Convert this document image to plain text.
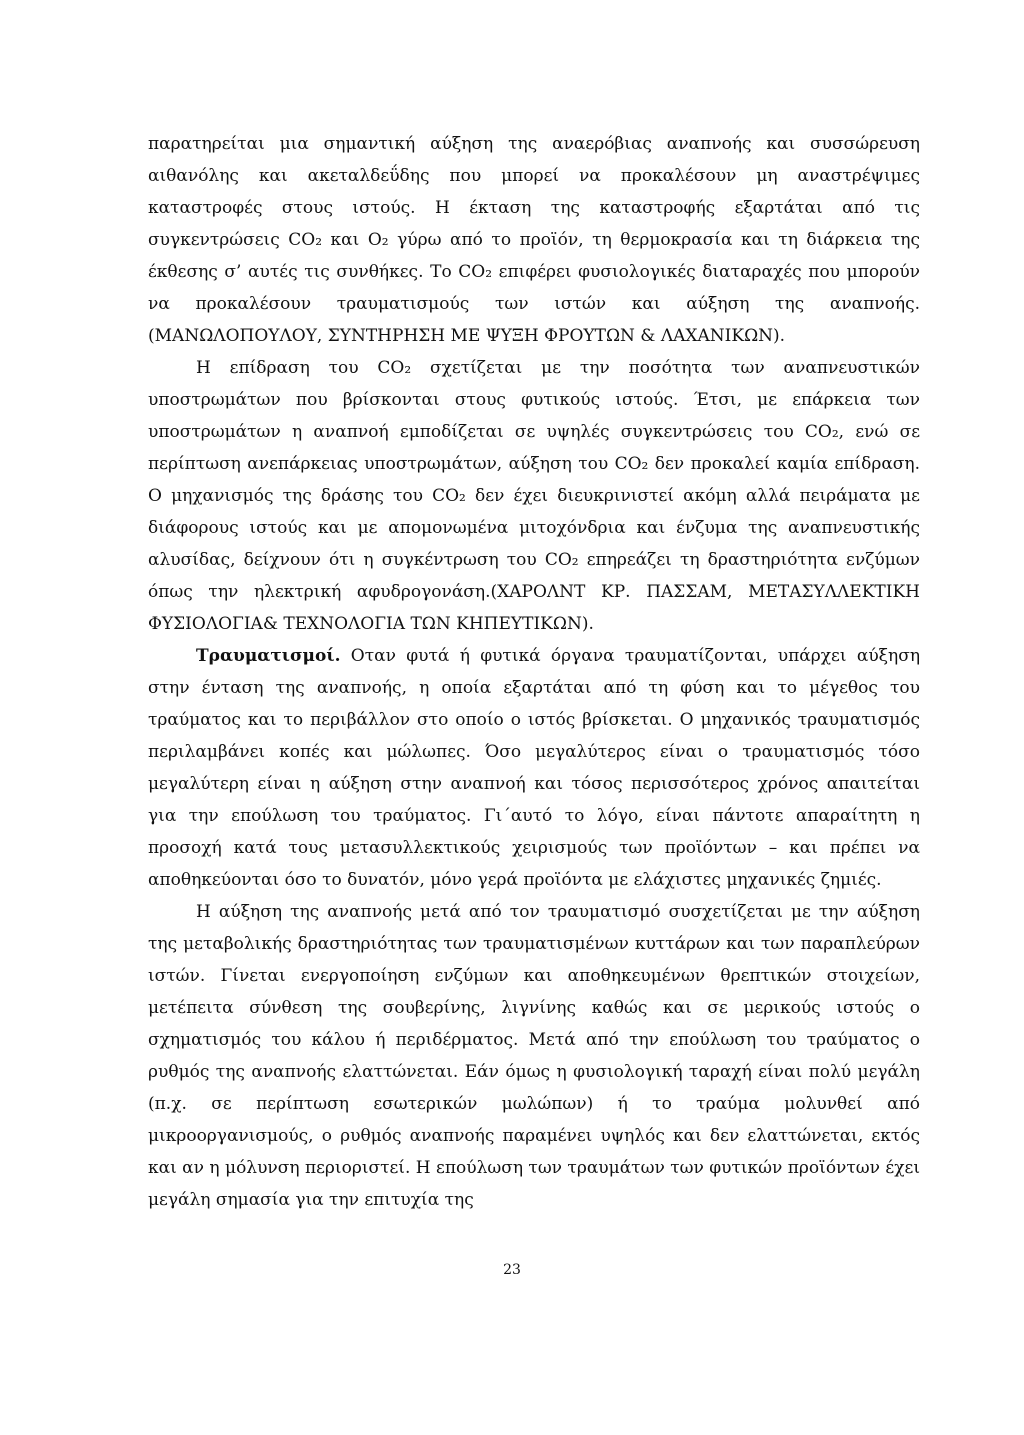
παρατηρείται μια σημαντική αύξηση της αναερόβιας αναπνοής και συσσώρευση αιθανόλης και ακεταλδεΰδης που μπορεί να προκαλέσουν μη αναστρέψιμες καταστροφές στους ιστούς. Η έκταση της καταστροφής εξαρτάται από τις συγκεντρώσεις CO₂ και O₂ γύρω από το προϊόν, τη θερμοκρασία και τη διάρκεια της έκθεσης σ’ αυτές τις συνθήκες. Το CO₂ επιφέρει φυσιολογικές διαταραχές που μπορούν να προκαλέσουν τραυματισμούς των ιστών και αύξηση της αναπνοής.(ΜΑΝΩΛΟΠΟΥΛΟΥ, ΣΥΝΤΗΡΗΣΗ ΜΕ ΨΥΞΗ ΦΡΟΥΤΩΝ & ΛΑΧΑΝΙΚΩΝ).

Η επίδραση του CO₂ σχετίζεται με την ποσότητα των αναπνευστικών υποστρωμάτων που βρίσκονται στους φυτικούς ιστούς. Έτσι, με επάρκεια των υποστρωμάτων η αναπνοή εμποδίζεται σε υψηλές συγκεντρώσεις του CO₂, ενώ σε περίπτωση ανεπάρκειας υποστρωμάτων, αύξηση του CO₂ δεν προκαλεί καμία επίδραση. Ο μηχανισμός της δράσης του CO₂ δεν έχει διευκρινιστεί ακόμη αλλά πειράματα με διάφορους ιστούς και με απομονωμένα μιτοχόνδρια και ένζυμα της αναπνευστικής αλυσίδας, δείχνουν ότι η συγκέντρωση του CO₂ επηρεάζει τη δραστηριότητα ενζύμων όπως την ηλεκτρική αφυδρογονάση.(ΧΑΡΟΛΝΤ ΚΡ. ΠΑΣΣΑΜ, ΜΕΤΑΣΥΛΛΕΚΤΙΚΗ ΦΥΣΙΟΛΟΓΙΑ& ΤΕΧΝΟΛΟΓΙΑ ΤΩΝ ΚΗΠΕΥΤΙΚΩΝ).

Τραυματισμοί. Οταν φυτά ή φυτικά όργανα τραυματίζονται, υπάρχει αύξηση στην ένταση της αναπνοής, η οποία εξαρτάται από τη φύση και το μέγεθος του τραύματος και το περιβάλλον στο οποίο ο ιστός βρίσκεται. Ο μηχανικός τραυματισμός περιλαμβάνει κοπές και μώλωπες. Όσο μεγαλύτερος είναι ο τραυματισμός τόσο μεγαλύτερη είναι η αύξηση στην αναπνοή και τόσος περισσότερος χρόνος απαιτείται για την επούλωση του τραύματος. Γι΄αυτό το λόγο, είναι πάντοτε απαραίτητη η προσοχή κατά τους μετασυλλεκτικούς χειρισμούς των προϊόντων – και πρέπει να αποθηκεύονται όσο το δυνατόν, μόνο γερά προϊόντα με ελάχιστες μηχανικές ζημιές.

Η αύξηση της αναπνοής μετά από τον τραυματισμό συσχετίζεται με την αύξηση της μεταβολικής δραστηριότητας των τραυματισμένων κυττάρων και των παραπλεύρων ιστών. Γίνεται ενεργοποίηση ενζύμων και αποθηκευμένων θρεπτικών στοιχείων, μετέπειτα σύνθεση της σουβερίνης, λιγνίνης καθώς και σε μερικούς ιστούς ο σχηματισμός του κάλου ή περιδέρματος. Μετά από την επούλωση του τραύματος ο ρυθμός της αναπνοής ελαττώνεται. Εάν όμως η φυσιολογική ταραχή είναι πολύ μεγάλη (π.χ. σε περίπτωση εσωτερικών μωλώπων) ή το τραύμα μολυνθεί από μικροοργανισμούς, ο ρυθμός αναπνοής παραμένει υψηλός και δεν ελαττώνεται, εκτός και αν η μόλυνση περιοριστεί. Η επούλωση των τραυμάτων των φυτικών προϊόντων έχει μεγάλη σημασία για την επιτυχία της

23
